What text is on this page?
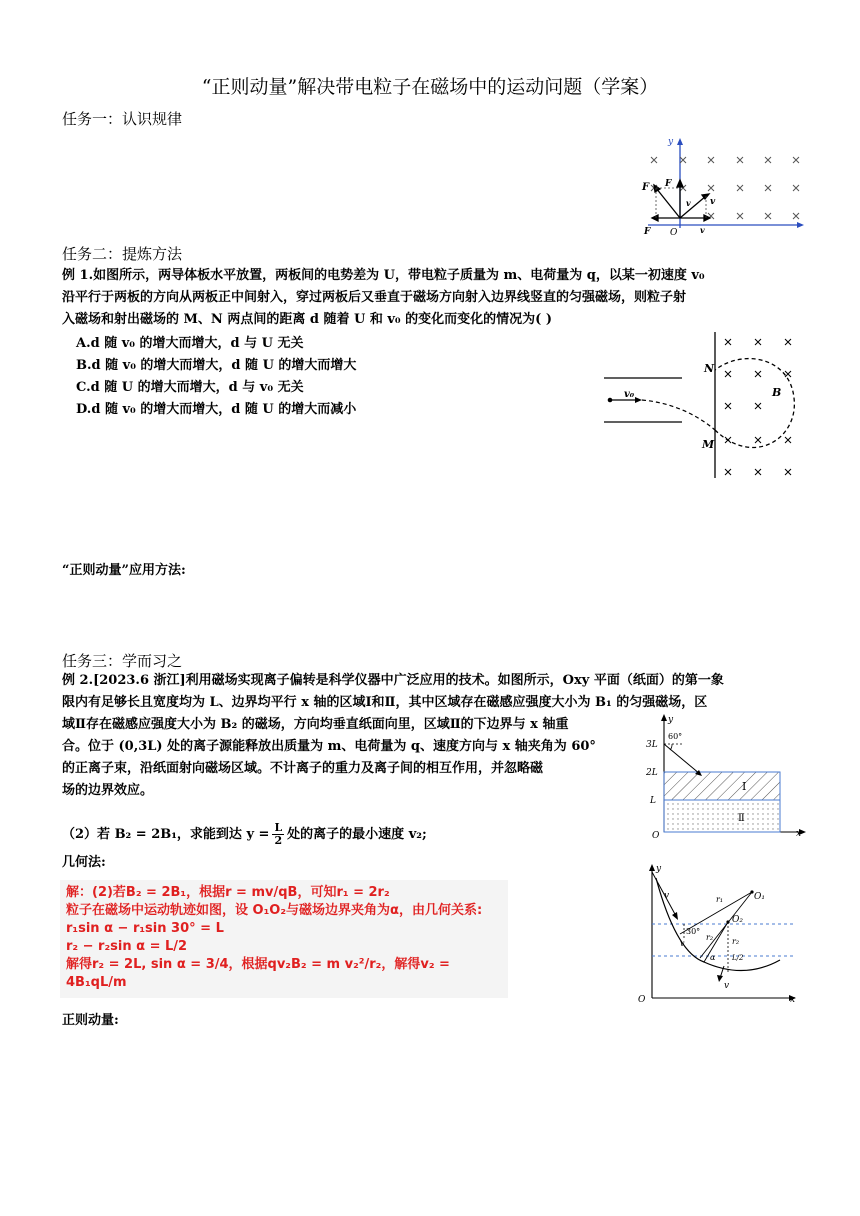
“正则动量”解决带电粒子在磁场中的运动问题（学案）
任务一：认识规律
y
F F
F
v
v
v
O
任务二：提炼方法
例 1.如图所示，两导体板水平放置，两板间的电势差为 U，带电粒子质量为 m、电荷量为 q，以某一初速度 v₀
沿平行于两板的方向从两板正中间射入，穿过两板后又垂直于磁场方向射入边界线竖直的匀强磁场，则粒子射
入磁场和射出磁场的 M、N 两点间的距离 d 随着 U 和 v₀ 的变化而变化的情况为( )
A.d 随 v₀ 的增大而增大，d 与 U 无关
B.d 随 v₀ 的增大而增大，d 随 U 的增大而增大
C.d 随 U 的增大而增大，d 与 v₀ 无关
D.d 随 v₀ 的增大而增大，d 随 U 的增大而减小
v₀
N
M
B
“正则动量”应用方法:
任务三：学而习之
例 2.[2023.6 浙江]利用磁场实现离子偏转是科学仪器中广泛应用的技术。如图所示，Oxy 平面（纸面）的第一象
限内有足够长且宽度均为 L、边界均平行 x 轴的区域Ⅰ和Ⅱ，其中区域存在磁感应强度大小为 B₁ 的匀强磁场，区
域Ⅱ存在磁感应强度大小为 B₂ 的磁场，方向均垂直纸面向里，区域Ⅱ的下边界与 x 轴重
合。位于 (0,3L) 处的离子源能释放出质量为 m、电荷量为 q、速度方向与 x 轴夹角为 60°
的正离子束，沿纸面射向磁场区域。不计离子的重力及离子间的相互作用，并忽略磁
场的边界效应。
（2）若 B₂ = 2B₁，求能到达 $y = \frac{L}{2}$ 处的离子的最小速度 v₂;
几何法:
解：(2)若B₂ = 2B₁，根据r = mv/qB，可知r₁ = 2r₂
粒子在磁场中运动轨迹如图，设 O₁O₂与磁场边界夹角为α，由几何关系:
r₁sin α − r₁sin 30° = L
r₂ − r₂sin α = L/2
解得r₂ = 2L, sin α = 3/4，根据qv₂B₂ = m v₂²/r₂，解得v₂ = 4B₁qL/m
正则动量:
60°
y
x
O
3L
2L
L
Ⅰ
Ⅱ
y
x
O
O₁
O₂
r₁
r₂ r₂
v
v
v
30°
α L/2
